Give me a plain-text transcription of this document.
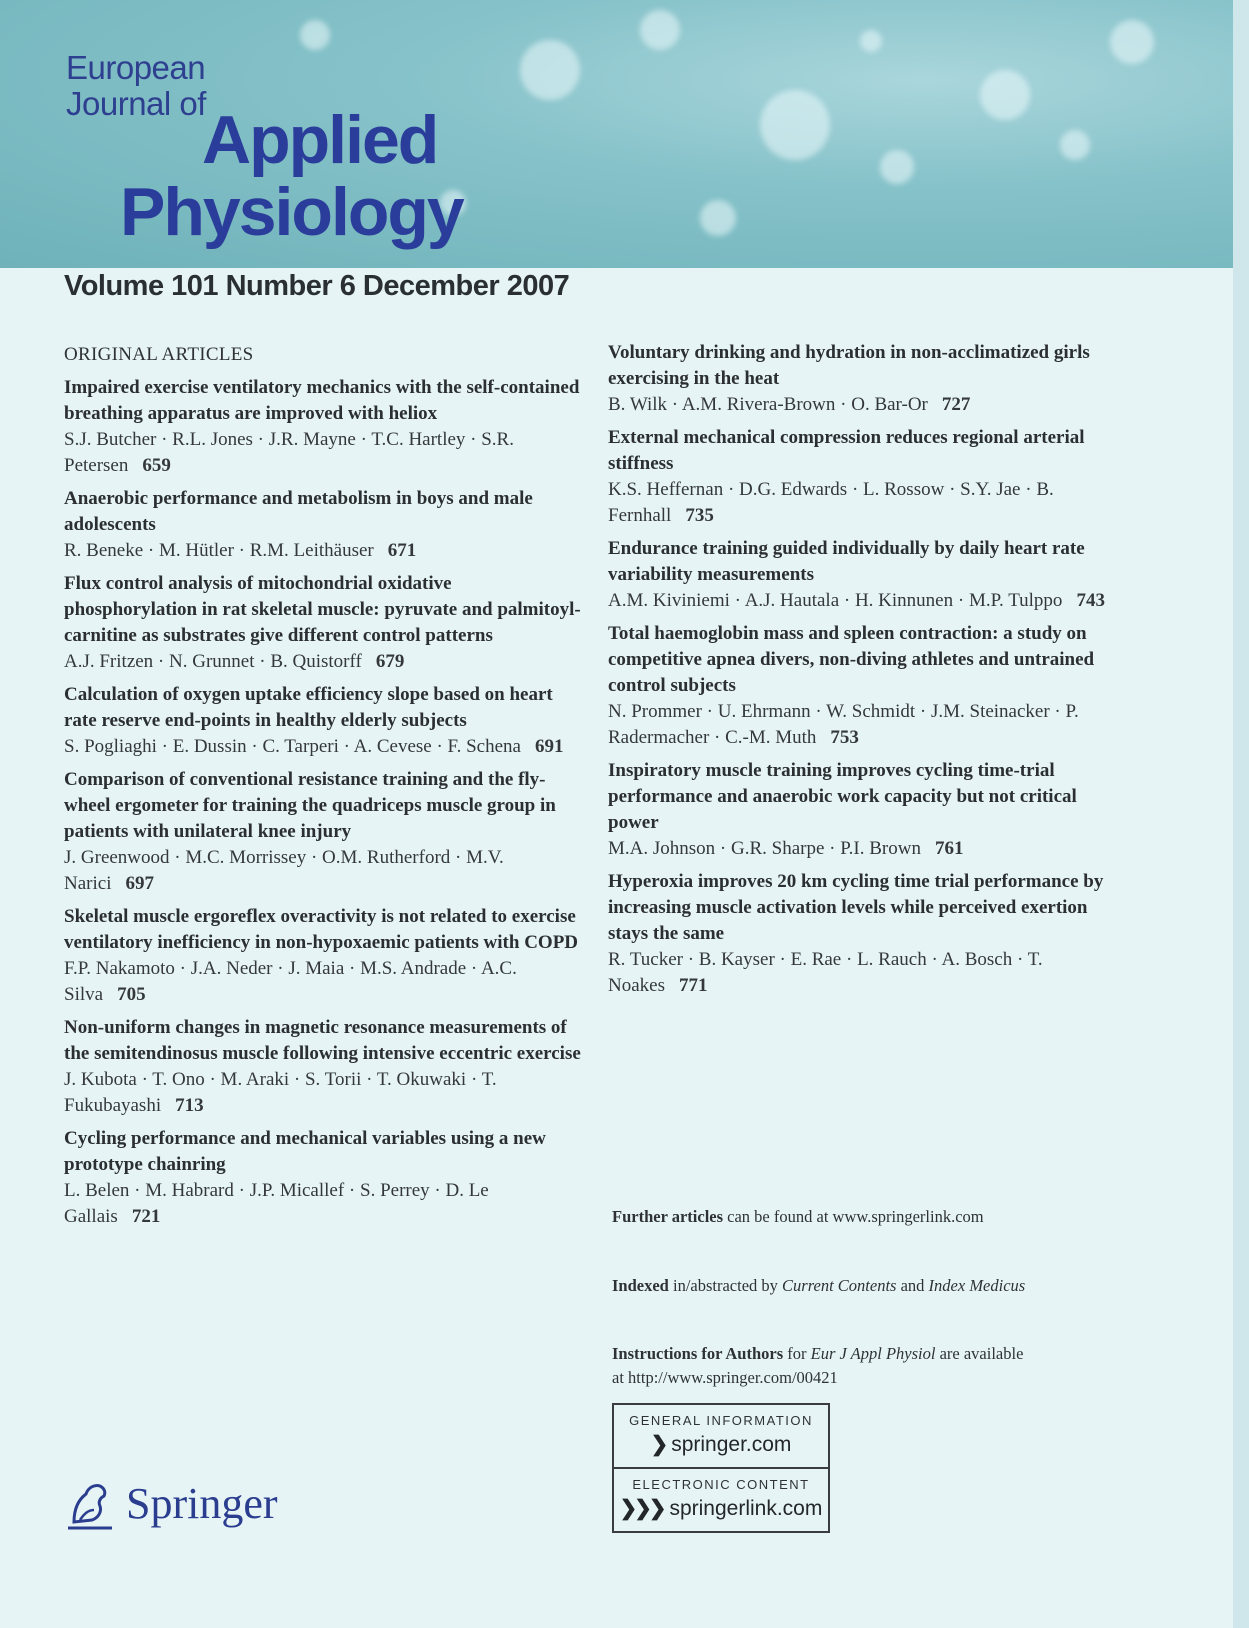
European
Journal of
Applied
Physiology
Volume 101 Number 6 December 2007
ORIGINAL ARTICLES
Impaired exercise ventilatory mechanics with the self-contained breathing apparatus are improved with heliox
S.J. Butcher · R.L. Jones · J.R. Mayne · T.C. Hartley · S.R. Petersen 659
Anaerobic performance and metabolism in boys and male adolescents
R. Beneke · M. Hütler · R.M. Leithäuser 671
Flux control analysis of mitochondrial oxidative phosphorylation in rat skeletal muscle: pyruvate and palmitoyl-carnitine as substrates give different control patterns
A.J. Fritzen · N. Grunnet · B. Quistorff 679
Calculation of oxygen uptake efficiency slope based on heart rate reserve end-points in healthy elderly subjects
S. Pogliaghi · E. Dussin · C. Tarperi · A. Cevese · F. Schena 691
Comparison of conventional resistance training and the fly-wheel ergometer for training the quadriceps muscle group in patients with unilateral knee injury
J. Greenwood · M.C. Morrissey · O.M. Rutherford · M.V. Narici 697
Skeletal muscle ergoreflex overactivity is not related to exercise ventilatory inefficiency in non-hypoxaemic patients with COPD
F.P. Nakamoto · J.A. Neder · J. Maia · M.S. Andrade · A.C. Silva 705
Non-uniform changes in magnetic resonance measurements of the semitendinosus muscle following intensive eccentric exercise
J. Kubota · T. Ono · M. Araki · S. Torii · T. Okuwaki · T. Fukubayashi 713
Cycling performance and mechanical variables using a new prototype chainring
L. Belen · M. Habrard · J.P. Micallef · S. Perrey · D. Le Gallais 721
Voluntary drinking and hydration in non-acclimatized girls exercising in the heat
B. Wilk · A.M. Rivera-Brown · O. Bar-Or 727
External mechanical compression reduces regional arterial stiffness
K.S. Heffernan · D.G. Edwards · L. Rossow · S.Y. Jae · B. Fernhall 735
Endurance training guided individually by daily heart rate variability measurements
A.M. Kiviniemi · A.J. Hautala · H. Kinnunen · M.P. Tulppo 743
Total haemoglobin mass and spleen contraction: a study on competitive apnea divers, non-diving athletes and untrained control subjects
N. Prommer · U. Ehrmann · W. Schmidt · J.M. Steinacker · P. Radermacher · C.-M. Muth 753
Inspiratory muscle training improves cycling time-trial performance and anaerobic work capacity but not critical power
M.A. Johnson · G.R. Sharpe · P.I. Brown 761
Hyperoxia improves 20 km cycling time trial performance by increasing muscle activation levels while perceived exertion stays the same
R. Tucker · B. Kayser · E. Rae · L. Rauch · A. Bosch · T. Noakes 771
Further articles can be found at www.springerlink.com
Indexed in/abstracted by Current Contents and Index Medicus
Instructions for Authors for Eur J Appl Physiol are available
at http://www.springer.com/00421
GENERAL INFORMATION
❯ springer.com
ELECTRONIC CONTENT
❯❯❯ springerlink.com
Springer
